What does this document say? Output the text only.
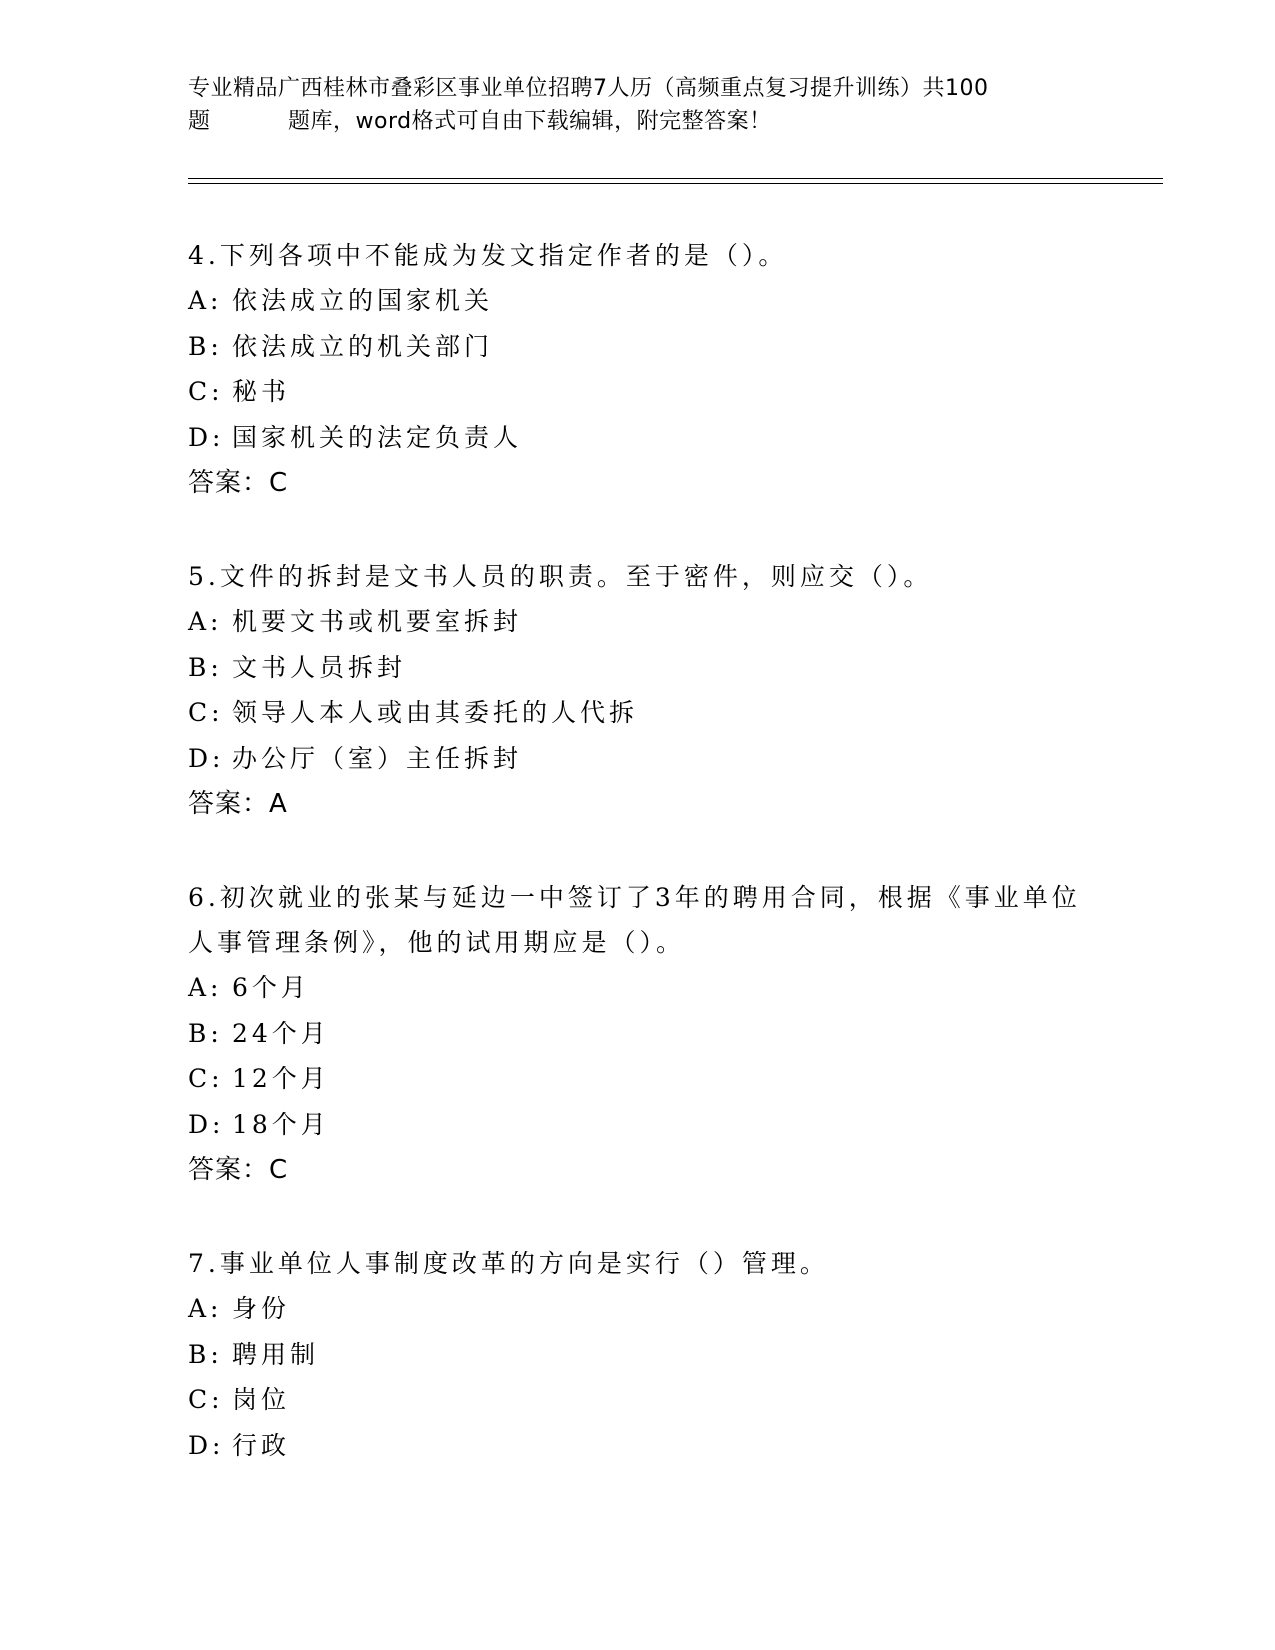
专业精品广西桂林市叠彩区事业单位招聘7人历（高频重点复习提升训练）共100
题	题库，word格式可自由下载编辑，附完整答案！
4.下列各项中不能成为发文指定作者的是（）。
A: 依法成立的国家机关
B: 依法成立的机关部门
C: 秘书
D: 国家机关的法定负责人
答案：C
5.文件的拆封是文书人员的职责。至于密件，则应交（）。
A: 机要文书或机要室拆封
B: 文书人员拆封
C: 领导人本人或由其委托的人代拆
D: 办公厅（室）主任拆封
答案：A
6.初次就业的张某与延边一中签订了3年的聘用合同，根据《事业单位人事管理条例》，他的试用期应是（）。
A: 6个月
B: 24个月
C: 12个月
D: 18个月
答案：C
7.事业单位人事制度改革的方向是实行（）管理。
A: 身份
B: 聘用制
C: 岗位
D: 行政
